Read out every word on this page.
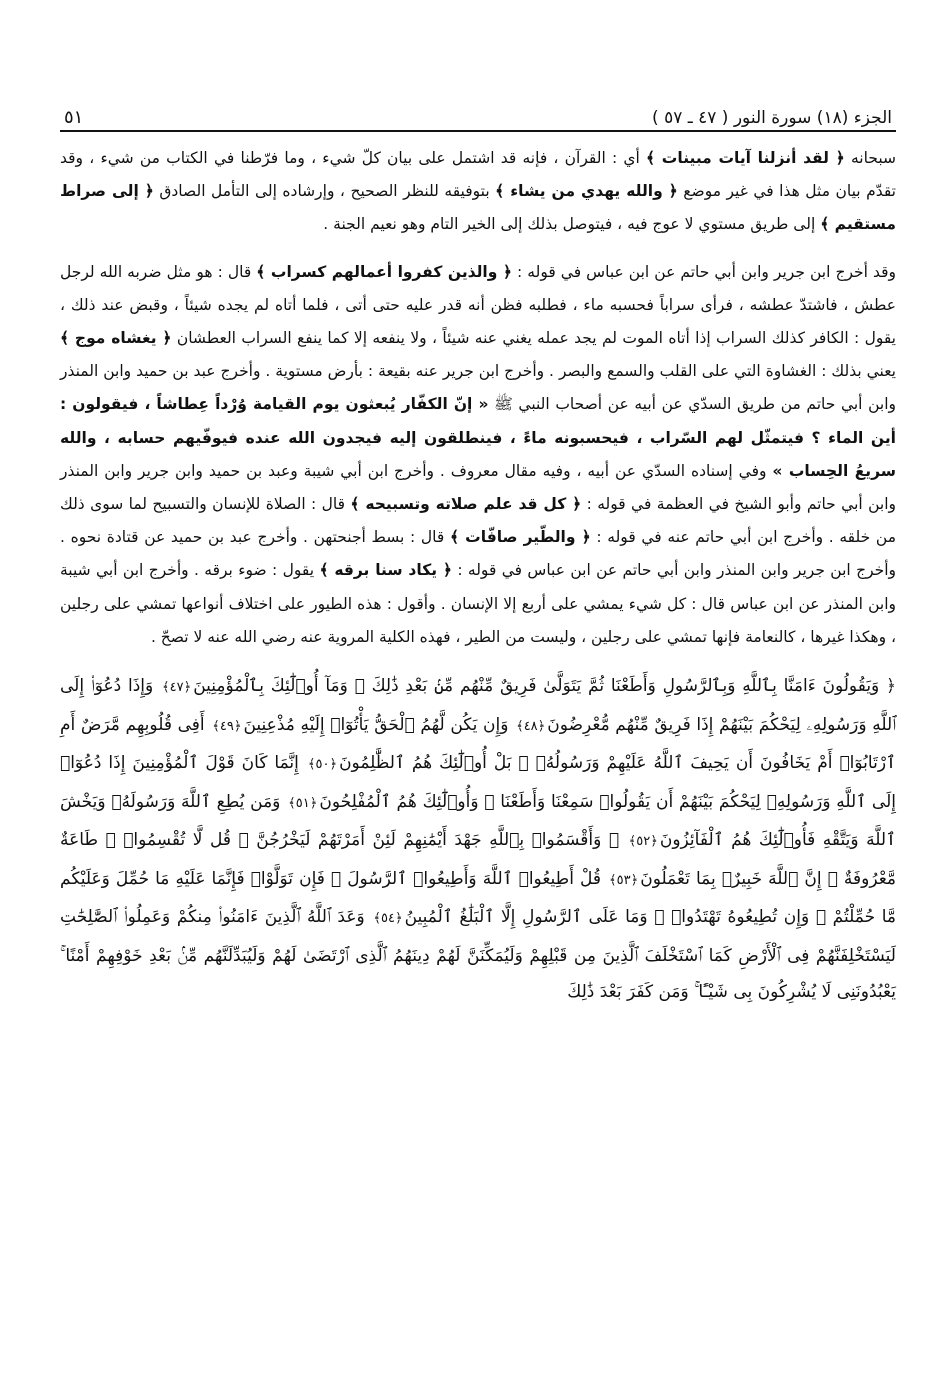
الجزء (١٨) سورة النور ( ٤٧ ـ ٥٧ )
٥١

سبحانه ﴿ لقد أنزلنا آيات مبينات ﴾ أي : القرآن ، فإنه قد اشتمل على بيان كلّ شيء ، وما فرّطنا في الكتاب من شيء ، وقد تقدّم بيان مثل هذا في غير موضع ﴿ والله يهدي من يشاء ﴾ بتوفيقه للنظر الصحيح ، وإرشاده إلى التأمل الصادق ﴿ إلى صراط مستقيم ﴾ إلى طريق مستوي لا عوج فيه ، فيتوصل بذلك إلى الخير التام وهو نعيم الجنة .

وقد أخرج ابن جرير وابن أبي حاتم عن ابن عباس في قوله : ﴿ والذين كفروا أعمالهم كسراب ﴾ قال : هو مثل ضربه الله لرجل عطش ، فاشتدّ عطشه ، فرأى سراباً فحسبه ماء ، فطلبه فظن أنه قدر عليه حتى أتى ، فلما أتاه لم يجده شيئاً ، وقبض عند ذلك ، يقول : الكافر كذلك السراب إذا أتاه الموت لم يجد عمله يغني عنه شيئاً ، ولا ينفعه إلا كما ينفع السراب العطشان ﴿ يغشاه موج ﴾ يعني بذلك : الغشاوة التي على القلب والسمع والبصر . وأخرج ابن جرير عنه بقيعة : بأرض مستوية . وأخرج عبد بن حميد وابن المنذر وابن أبي حاتم من طريق السدّي عن أبيه عن أصحاب النبي ﷺ « إنّ الكفّار يُبعثون يوم القيامة وُرْداً عِطاشاً ، فيقولون : أين الماء ؟ فيتمثّل لهم السّراب ، فيحسبونه ماءً ، فينطلقون إليه فيجدون الله عنده فيوفّيهم حسابه ، والله سريعُ الحِساب » وفي إسناده السدّي عن أبيه ، وفيه مقال معروف . وأخرج ابن أبي شيبة وعبد بن حميد وابن جرير وابن المنذر وابن أبي حاتم وأبو الشيخ في العظمة في قوله : ﴿ كل قد علم صلاته وتسبيحه ﴾ قال : الصلاة للإنسان والتسبيح لما سوى ذلك من خلقه . وأخرج ابن أبي حاتم عنه في قوله : ﴿ والطّير صافّات ﴾ قال : بسط أجنحتهن . وأخرج عبد بن حميد عن قتادة نحوه . وأخرج ابن جرير وابن المنذر وابن أبي حاتم عن ابن عباس في قوله : ﴿ يكاد سنا برقه ﴾ يقول : ضوء برقه . وأخرج ابن أبي شيبة وابن المنذر عن ابن عباس قال : كل شيء يمشي على أربع إلا الإنسان . وأقول : هذه الطيور على اختلاف أنواعها تمشي على رجلين ، وهكذا غيرها ، كالنعامة فإنها تمشي على رجلين ، وليست من الطير ، فهذه الكلية المروية عنه رضي الله عنه لا تصحّ .

﴿ وَيَقُولُونَ ءَامَنَّا بِٱللَّهِ وَبِٱلرَّسُولِ وَأَطَعْنَا ثُمَّ يَتَوَلَّىٰ فَرِيقٌ مِّنْهُم مِّنۢ بَعْدِ ذَٰلِكَ ۚ وَمَآ أُو۟لَٰٓئِكَ بِٱلْمُؤْمِنِينَ﴿٤٧﴾ وَإِذَا دُعُوٓا۟ إِلَى ٱللَّهِ وَرَسُولِهِۦ لِيَحْكُمَ بَيْنَهُمْ إِذَا فَرِيقٌ مِّنْهُم مُّعْرِضُونَ﴿٤٨﴾ وَإِن يَكُن لَّهُمُ ٱلْحَقُّ يَأْتُوٓا۟ إِلَيْهِ مُذْعِنِينَ﴿٤٩﴾ أَفِى قُلُوبِهِم مَّرَضٌ أَمِ ٱرْتَابُوٓا۟ أَمْ يَخَافُونَ أَن يَحِيفَ ٱللَّهُ عَلَيْهِمْ وَرَسُولُهُۥ ۚ بَلْ أُو۟لَٰٓئِكَ هُمُ ٱلظَّٰلِمُونَ﴿٥٠﴾ إِنَّمَا كَانَ قَوْلَ ٱلْمُؤْمِنِينَ إِذَا دُعُوٓا۟ إِلَى ٱللَّهِ وَرَسُولِهِۦ لِيَحْكُمَ بَيْنَهُمْ أَن يَقُولُوا۟ سَمِعْنَا وَأَطَعْنَا ۚ وَأُو۟لَٰٓئِكَ هُمُ ٱلْمُفْلِحُونَ﴿٥١﴾ وَمَن يُطِعِ ٱللَّهَ وَرَسُولَهُۥ وَيَخْشَ ٱللَّهَ وَيَتَّقْهِ فَأُو۟لَٰٓئِكَ هُمُ ٱلْفَآئِزُونَ﴿٥٢﴾ ۞ وَأَقْسَمُوا۟ بِٱللَّهِ جَهْدَ أَيْمَٰنِهِمْ لَئِنْ أَمَرْتَهُمْ لَيَخْرُجُنَّ ۖ قُل لَّا تُقْسِمُوا۟ ۖ طَاعَةٌ مَّعْرُوفَةٌ ۚ إِنَّ ٱللَّهَ خَبِيرٌۢ بِمَا تَعْمَلُونَ﴿٥٣﴾ قُلْ أَطِيعُوا۟ ٱللَّهَ وَأَطِيعُوا۟ ٱلرَّسُولَ ۖ فَإِن تَوَلَّوْا۟ فَإِنَّمَا عَلَيْهِ مَا حُمِّلَ وَعَلَيْكُم مَّا حُمِّلْتُمْ ۖ وَإِن تُطِيعُوهُ تَهْتَدُوا۟ ۚ وَمَا عَلَى ٱلرَّسُولِ إِلَّا ٱلْبَلَٰغُ ٱلْمُبِينُ﴿٥٤﴾ وَعَدَ ٱللَّهُ ٱلَّذِينَ ءَامَنُوا۟ مِنكُمْ وَعَمِلُوا۟ ٱلصَّٰلِحَٰتِ لَيَسْتَخْلِفَنَّهُمْ فِى ٱلْأَرْضِ كَمَا ٱسْتَخْلَفَ ٱلَّذِينَ مِن قَبْلِهِمْ وَلَيُمَكِّنَنَّ لَهُمْ دِينَهُمُ ٱلَّذِى ٱرْتَضَىٰ لَهُمْ وَلَيُبَدِّلَنَّهُم مِّنۢ بَعْدِ خَوْفِهِمْ أَمْنًا ۚ يَعْبُدُونَنِى لَا يُشْرِكُونَ بِى شَيْـًٔا ۚ وَمَن كَفَرَ بَعْدَ ذَٰلِكَ
